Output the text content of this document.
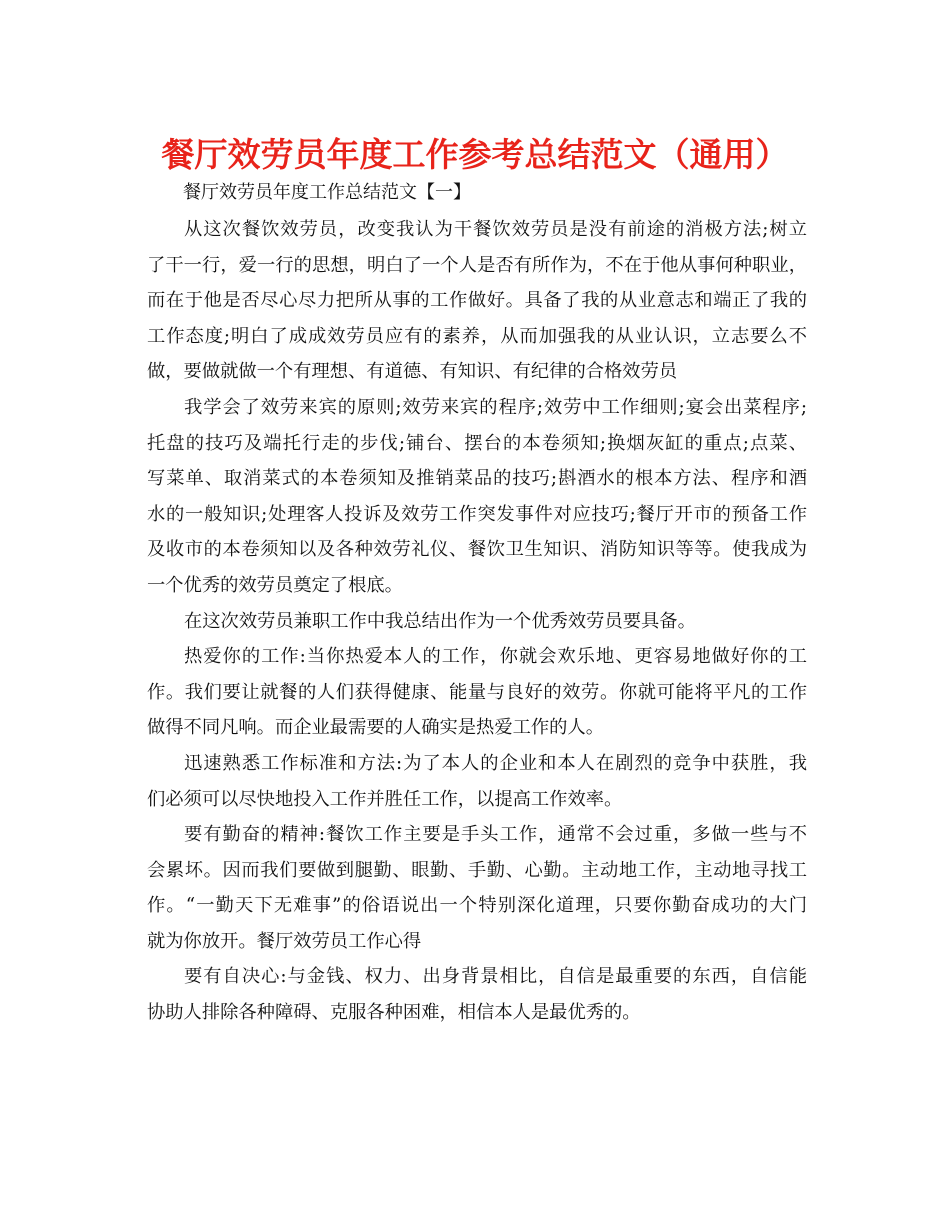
餐厅效劳员年度工作参考总结范文（通用）
餐厅效劳员年度工作总结范文【一】
从这次餐饮效劳员，改变我认为干餐饮效劳员是没有前途的消极方法;树立
了干一行，爱一行的思想，明白了一个人是否有所作为，不在于他从事何种职业，
而在于他是否尽心尽力把所从事的工作做好。具备了我的从业意志和端正了我的
工作态度;明白了成成效劳员应有的素养，从而加强我的从业认识，立志要么不
做，要做就做一个有理想、有道德、有知识、有纪律的合格效劳员
我学会了效劳来宾的原则;效劳来宾的程序;效劳中工作细则;宴会出菜程序;
托盘的技巧及端托行走的步伐;铺台、摆台的本卷须知;换烟灰缸的重点;点菜、
写菜单、取消菜式的本卷须知及推销菜品的技巧;斟酒水的根本方法、程序和酒
水的一般知识;处理客人投诉及效劳工作突发事件对应技巧;餐厅开市的预备工作
及收市的本卷须知以及各种效劳礼仪、餐饮卫生知识、消防知识等等。使我成为
一个优秀的效劳员奠定了根底。
在这次效劳员兼职工作中我总结出作为一个优秀效劳员要具备。
热爱你的工作:当你热爱本人的工作，你就会欢乐地、更容易地做好你的工
作。我们要让就餐的人们获得健康、能量与良好的效劳。你就可能将平凡的工作
做得不同凡响。而企业最需要的人确实是热爱工作的人。
迅速熟悉工作标准和方法:为了本人的企业和本人在剧烈的竞争中获胜，我
们必须可以尽快地投入工作并胜任工作，以提高工作效率。
要有勤奋的精神:餐饮工作主要是手头工作，通常不会过重，多做一些与不
会累坏。因而我们要做到腿勤、眼勤、手勤、心勤。主动地工作，主动地寻找工
作。“一勤天下无难事”的俗语说出一个特别深化道理，只要你勤奋成功的大门
就为你放开。餐厅效劳员工作心得
要有自决心:与金钱、权力、出身背景相比，自信是最重要的东西，自信能
协助人排除各种障碍、克服各种困难，相信本人是最优秀的。
